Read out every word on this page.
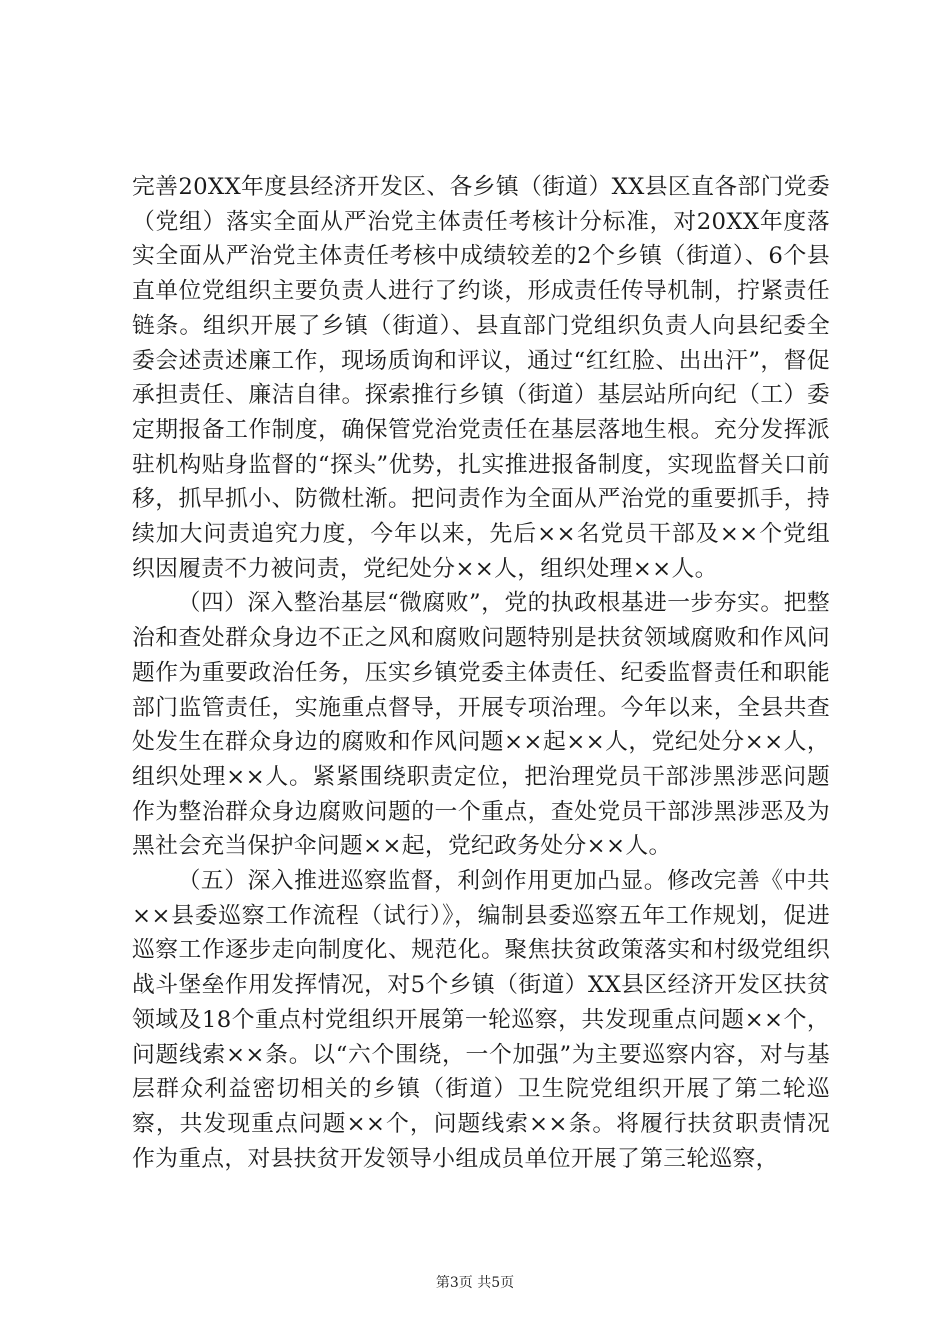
完善20XX年度县经济开发区、各乡镇（街道）XX县区直各部门党委（党组）落实全面从严治党主体责任考核计分标准，对20XX年度落实全面从严治党主体责任考核中成绩较差的2个乡镇（街道）、6个县直单位党组织主要负责人进行了约谈，形成责任传导机制，拧紧责任链条。组织开展了乡镇（街道）、县直部门党组织负责人向县纪委全委会述责述廉工作，现场质询和评议，通过“红红脸、出出汗”，督促承担责任、廉洁自律。探索推行乡镇（街道）基层站所向纪（工）委定期报备工作制度，确保管党治党责任在基层落地生根。充分发挥派驻机构贴身监督的“探头”优势，扎实推进报备制度，实现监督关口前移，抓早抓小、防微杜渐。把问责作为全面从严治党的重要抓手，持续加大问责追究力度，今年以来，先后××名党员干部及××个党组织因履责不力被问责，党纪处分××人，组织处理××人。

（四）深入整治基层“微腐败”，党的执政根基进一步夯实。把整治和查处群众身边不正之风和腐败问题特别是扶贫领域腐败和作风问题作为重要政治任务，压实乡镇党委主体责任、纪委监督责任和职能部门监管责任，实施重点督导，开展专项治理。今年以来，全县共查处发生在群众身边的腐败和作风问题××起××人，党纪处分××人，组织处理××人。紧紧围绕职责定位，把治理党员干部涉黑涉恶问题作为整治群众身边腐败问题的一个重点，查处党员干部涉黑涉恶及为黑社会充当保护伞问题××起，党纪政务处分××人。

（五）深入推进巡察监督，利剑作用更加凸显。修改完善《中共××县委巡察工作流程（试行）》，编制县委巡察五年工作规划，促进巡察工作逐步走向制度化、规范化。聚焦扶贫政策落实和村级党组织战斗堡垒作用发挥情况，对5个乡镇（街道）XX县区经济开发区扶贫领域及18个重点村党组织开展第一轮巡察，共发现重点问题××个，问题线索××条。以“六个围绕，一个加强”为主要巡察内容，对与基层群众利益密切相关的乡镇（街道）卫生院党组织开展了第二轮巡察，共发现重点问题××个，问题线索××条。将履行扶贫职责情况作为重点，对县扶贫开发领导小组成员单位开展了第三轮巡察，

第3页 共5页
